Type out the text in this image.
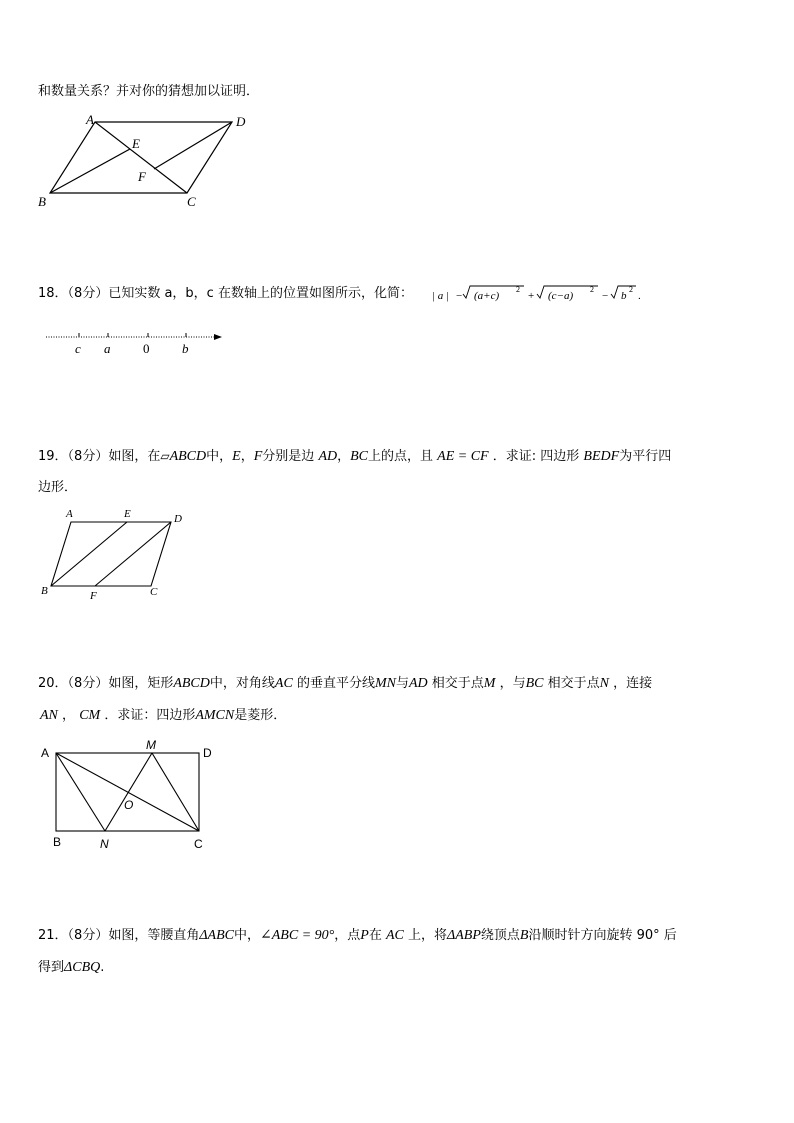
和数量关系？并对你的猜想加以证明．
A	D
E
F
B	C
18．（8分）已知实数 a，b，c 在数轴上的位置如图所示，化简： | a | − (a+c)
2
+ (c−a)
2
− b
2
.
c a	0	b
19．（8分）如图，在▱ABCD中，E，F分别是边 AD，BC上的点，且 AE = CF ．求证: 四边形 BEDF为平行四
边形．
A	E	D
B	F	C
20．（8分）如图，矩形ABCD中，对角线AC 的垂直平分线MN与AD 相交于点M ，与BC 相交于点N ，连接
AN ， CM ．求证：四边形AMCN是菱形．
A
M
D
O
B	N	C
21．（8分）如图，等腰直角ΔABC中，∠ABC = 90°，点P在 AC 上，将ΔABP绕顶点B沿顺时针方向旋转 90° 后
得到ΔCBQ.
